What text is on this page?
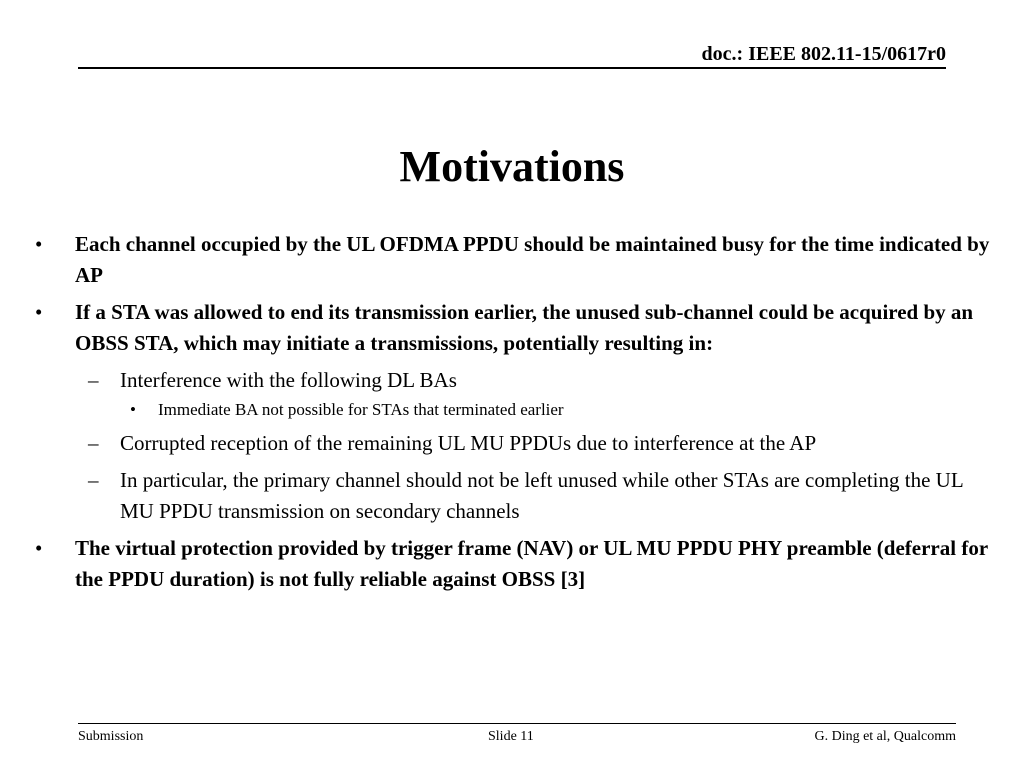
doc.: IEEE 802.11-15/0617r0
Motivations

• Each channel occupied by the UL OFDMA PPDU should be maintained busy for the time indicated by AP

• If a STA was allowed to end its transmission earlier, the unused sub-channel could be acquired by an OBSS STA, which may initiate a transmissions, potentially resulting in:

– Interference with the following DL BAs

• Immediate BA not possible for STAs that terminated earlier

– Corrupted reception of the remaining UL MU PPDUs due to interference at the AP

– In particular, the primary channel should not be left unused while other STAs are completing the UL MU PPDU transmission on secondary channels

• The virtual protection provided by trigger frame (NAV) or UL MU PPDU PHY preamble (deferral for the PPDU duration) is not fully reliable against OBSS [3]

Submission	Slide 11	G. Ding et al, Qualcomm
